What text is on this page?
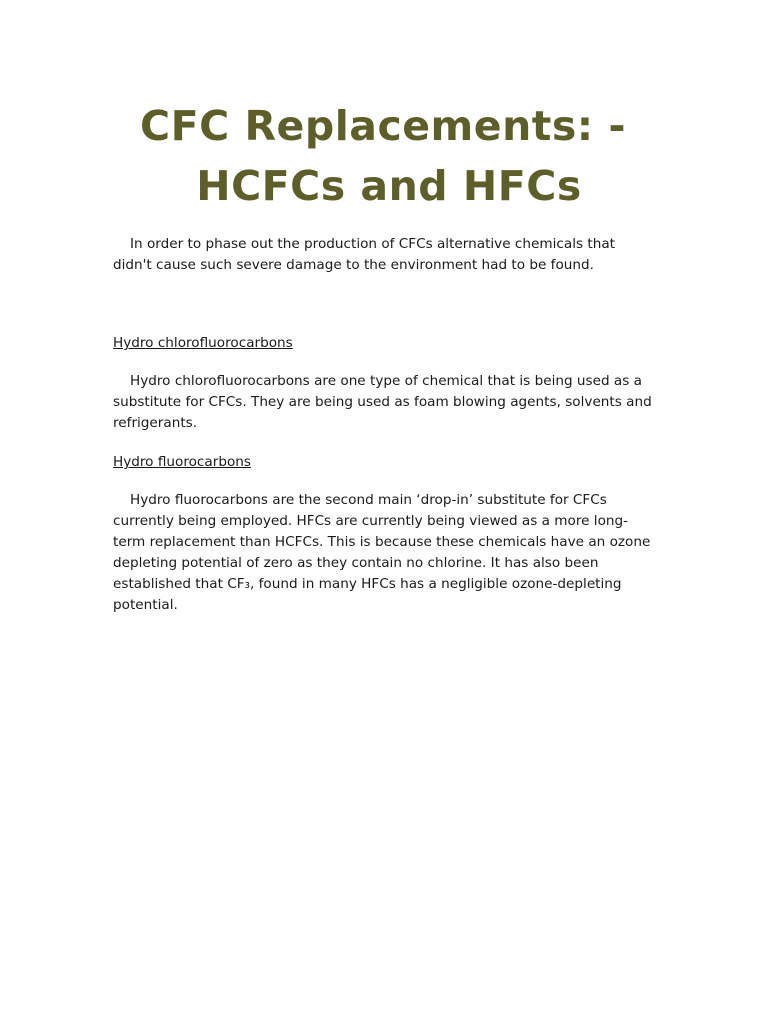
CFC Replacements: -
HCFCs and HFCs

In order to phase out the production of CFCs alternative chemicals that didn't cause such severe damage to the environment had to be found.

Hydro chlorofluorocarbons

Hydro chlorofluorocarbons are one type of chemical that is being used as a substitute for CFCs. They are being used as foam blowing agents, solvents and refrigerants.

Hydro fluorocarbons

Hydro fluorocarbons are the second main ‘drop-in’ substitute for CFCs currently being employed. HFCs are currently being viewed as a more long-term replacement than HCFCs. This is because these chemicals have an ozone depleting potential of zero as they contain no chlorine. It has also been established that CF₃, found in many HFCs has a negligible ozone-depleting potential.
